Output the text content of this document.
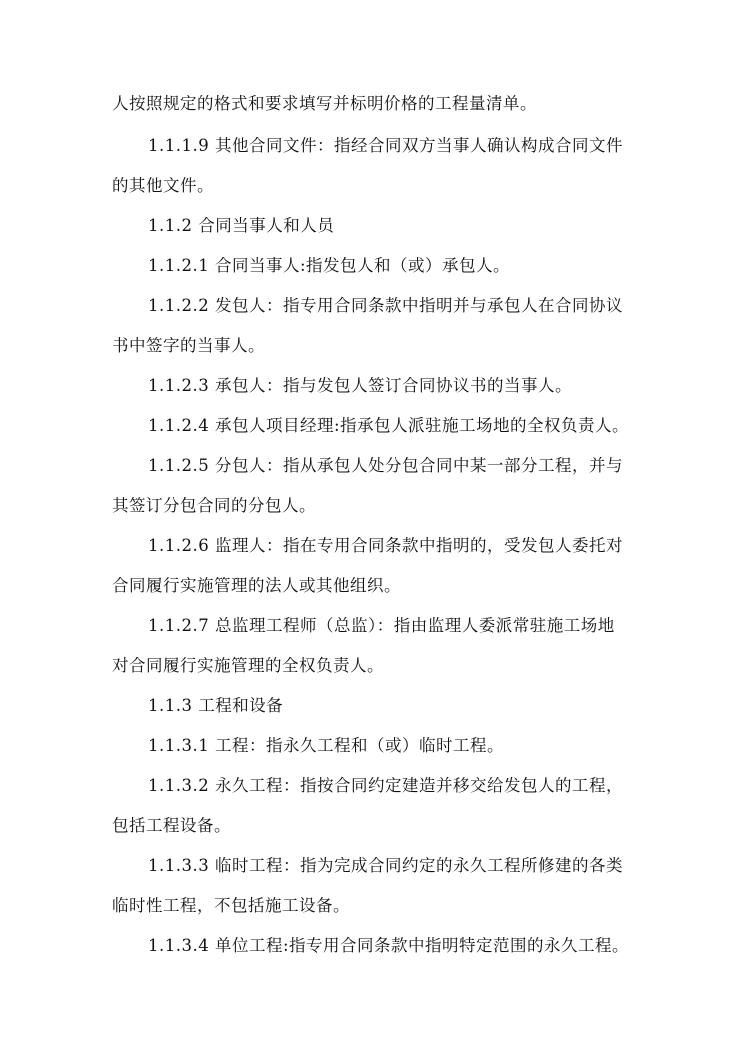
人按照规定的格式和要求填写并标明价格的工程量清单。
1.1.1.9 其他合同文件：指经合同双方当事人确认构成合同文件
的其他文件。
1.1.2 合同当事人和人员
1.1.2.1 合同当事人:指发包人和（或）承包人。
1.1.2.2 发包人：指专用合同条款中指明并与承包人在合同协议
书中签字的当事人。
1.1.2.3 承包人：指与发包人签订合同协议书的当事人。
1.1.2.4 承包人项目经理:指承包人派驻施工场地的全权负责人。
1.1.2.5 分包人：指从承包人处分包合同中某一部分工程，并与
其签订分包合同的分包人。
1.1.2.6 监理人：指在专用合同条款中指明的，受发包人委托对
合同履行实施管理的法人或其他组织。
1.1.2.7 总监理工程师（总监）：指由监理人委派常驻施工场地
对合同履行实施管理的全权负责人。
1.1.3 工程和设备
1.1.3.1 工程：指永久工程和（或）临时工程。
1.1.3.2 永久工程：指按合同约定建造并移交给发包人的工程，
包括工程设备。
1.1.3.3 临时工程：指为完成合同约定的永久工程所修建的各类
临时性工程，不包括施工设备。
1.1.3.4 单位工程:指专用合同条款中指明特定范围的永久工程。
